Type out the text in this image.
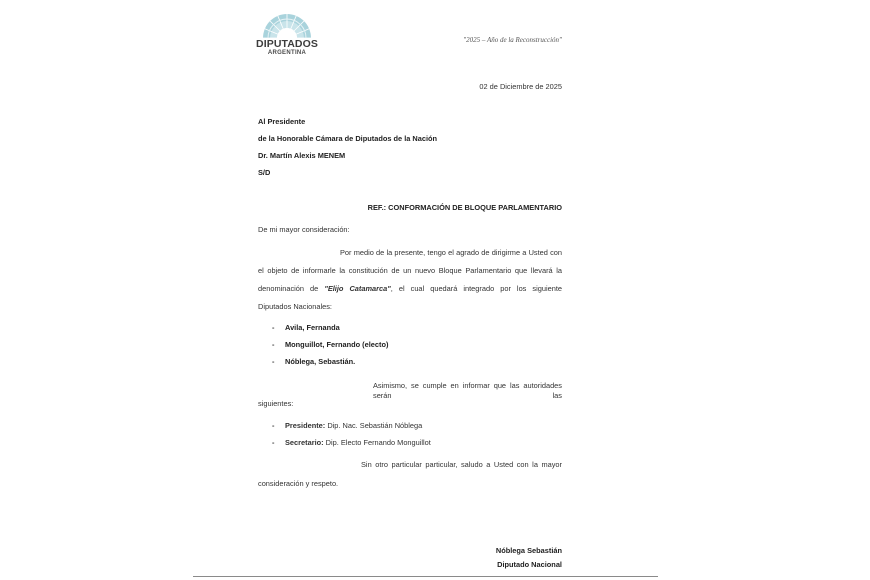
DIPUTADOS
ARGENTINA
"2025 – Año de la Reconstrucción"
02 de Diciembre de 2025
Al Presidente
de la Honorable Cámara de Diputados de la Nación
Dr. Martín Alexis MENEM
S/D
REF.: CONFORMACIÓN DE BLOQUE PARLAMENTARIO
De mi mayor consideración:
Por medio de la presente, tengo el agrado de dirigirme a Usted con
el objeto de informarle la constitución de un nuevo Bloque Parlamentario que llevará la
denominación de "Elijo Catamarca", el cual quedará integrado por los siguiente
Diputados Nacionales:
- Avila, Fernanda
- Monguillot, Fernando (electo)
- Nóblega, Sebastián.
Asimismo, se cumple en informar que las autoridades serán las
siguientes:
- Presidente: Dip. Nac. Sebastián Nóblega
- Secretario: Dip. Electo Fernando Monguillot
Sin otro particular particular, saludo a Usted con la mayor
consideración y respeto.
Nóblega Sebastián
Diputado Nacional
